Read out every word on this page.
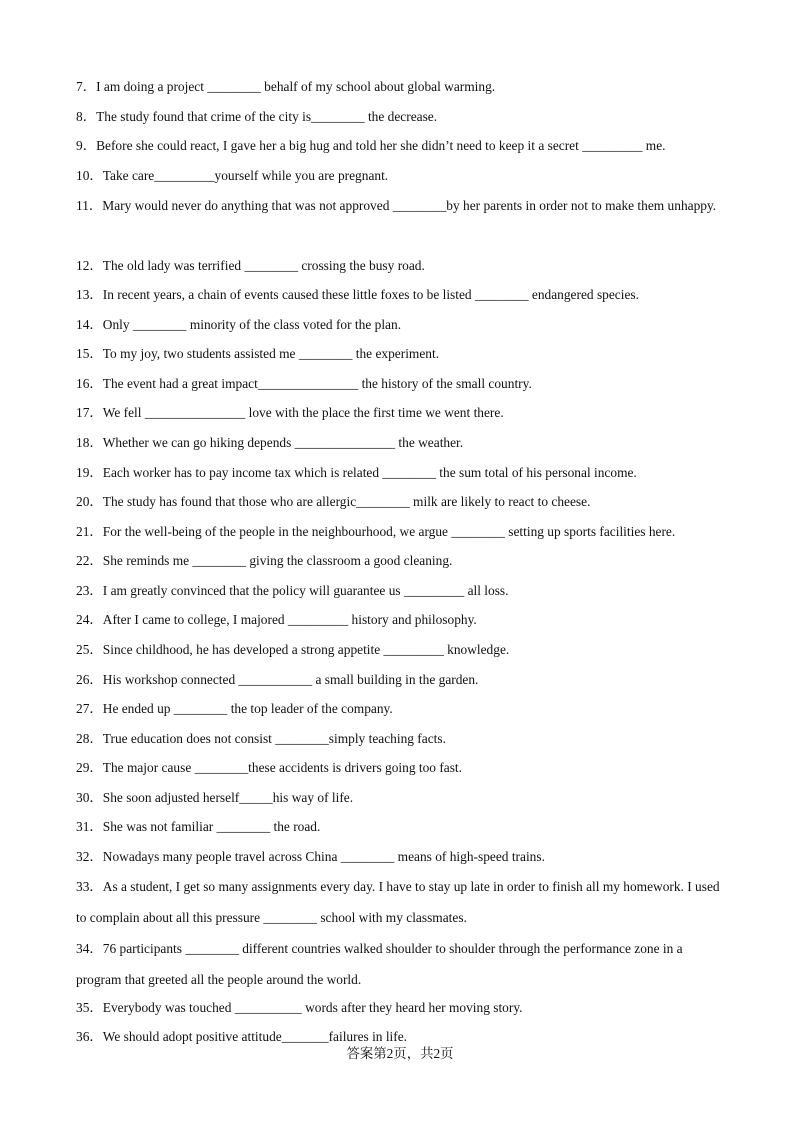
7．I am doing a project ________ behalf of my school about global warming.
8．The study found that crime of the city is________ the decrease.
9．Before she could react, I gave her a big hug and told her she didn’t need to keep it a secret _________ me.
10．Take care_________yourself while you are pregnant.
11．Mary would never do anything that was not approved ________by her parents in order not to make them unhappy.
12．The old lady was terrified ________ crossing the busy road.
13．In recent years, a chain of events caused these little foxes to be listed ________ endangered species.
14．Only ________ minority of the class voted for the plan.
15．To my joy, two students assisted me ________ the experiment.
16．The event had a great impact_______________ the history of the small country.
17．We fell _______________ love with the place the first time we went there.
18．Whether we can go hiking depends _______________ the weather.
19．Each worker has to pay income tax which is related ________ the sum total of his personal income.
20．The study has found that those who are allergic________ milk are likely to react to cheese.
21．For the well-being of the people in the neighbourhood, we argue ________ setting up sports facilities here.
22．She reminds me ________ giving the classroom a good cleaning.
23．I am greatly convinced that the policy will guarantee us _________ all loss.
24．After I came to college, I majored _________ history and philosophy.
25．Since childhood, he has developed a strong appetite _________ knowledge.
26．His workshop connected ___________ a small building in the garden.
27．He ended up ________ the top leader of the company.
28．True education does not consist ________simply teaching facts.
29．The major cause ________these accidents is drivers going too fast.
30．She soon adjusted herself_____his way of life.
31．She was not familiar ________ the road.
32．Nowadays many people travel across China ________ means of high-speed trains.
33．As a student, I get so many assignments every day. I have to stay up late in order to finish all my homework. I used to complain about all this pressure ________ school with my classmates.
34．76 participants ________ different countries walked shoulder to shoulder through the performance zone in a program that greeted all the people around the world.
35．Everybody was touched __________ words after they heard her moving story.
36．We should adopt positive attitude_______failures in life.
答案第2页，共2页
